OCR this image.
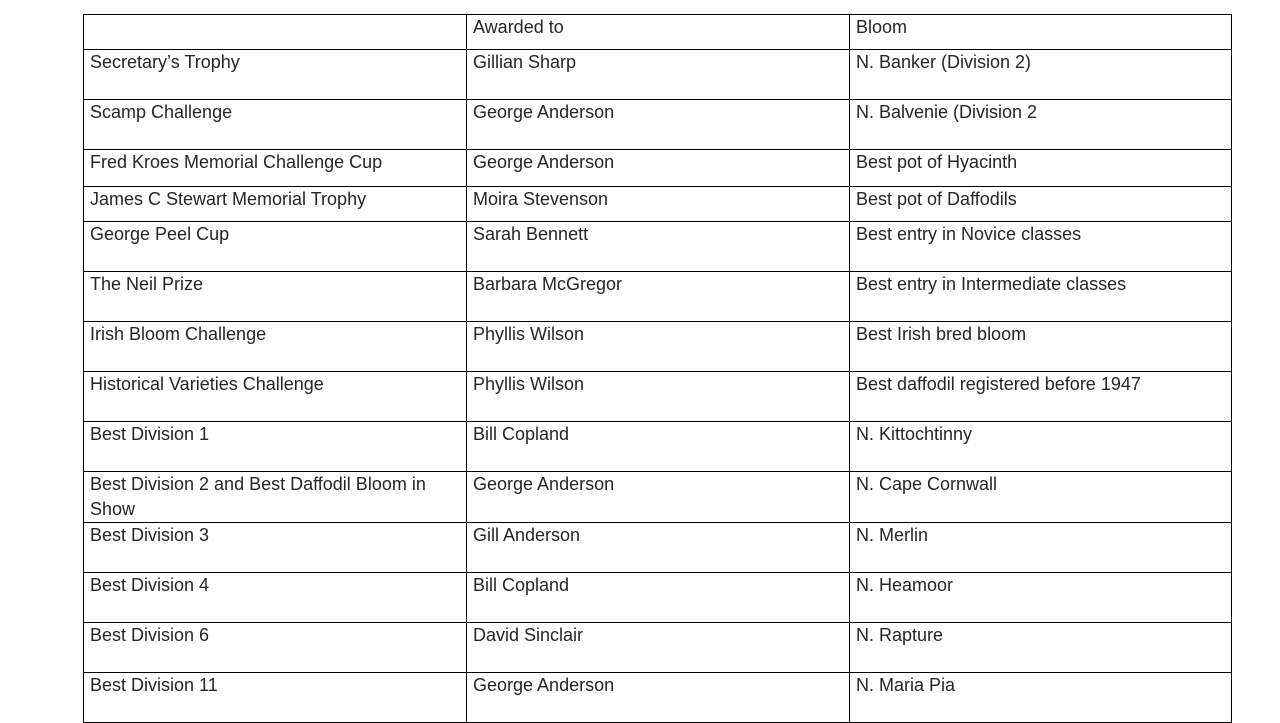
	Awarded to	Bloom

Secretary’s Trophy	Gillian Sharp	N. Banker (Division 2)

Scamp Challenge	George Anderson	N. Balvenie (Division 2

Fred Kroes Memorial Challenge Cup	George Anderson	Best pot of Hyacinth

James C Stewart Memorial Trophy	Moira Stevenson	Best pot of Daffodils

George Peel Cup	Sarah Bennett	Best entry in Novice classes

The Neil Prize	Barbara McGregor	Best entry in Intermediate classes

Irish Bloom Challenge	Phyllis Wilson	Best Irish bred bloom

Historical Varieties Challenge	Phyllis Wilson	Best daffodil registered before 1947

Best Division 1	Bill Copland	N. Kittochtinny

Best Division 2 and Best Daffodil Bloom in Show	George Anderson	N. Cape Cornwall

Best Division 3	Gill Anderson	N. Merlin

Best Division 4	Bill Copland	N. Heamoor

Best Division 6	David Sinclair	N. Rapture

Best Division 11	George Anderson	N. Maria Pia
